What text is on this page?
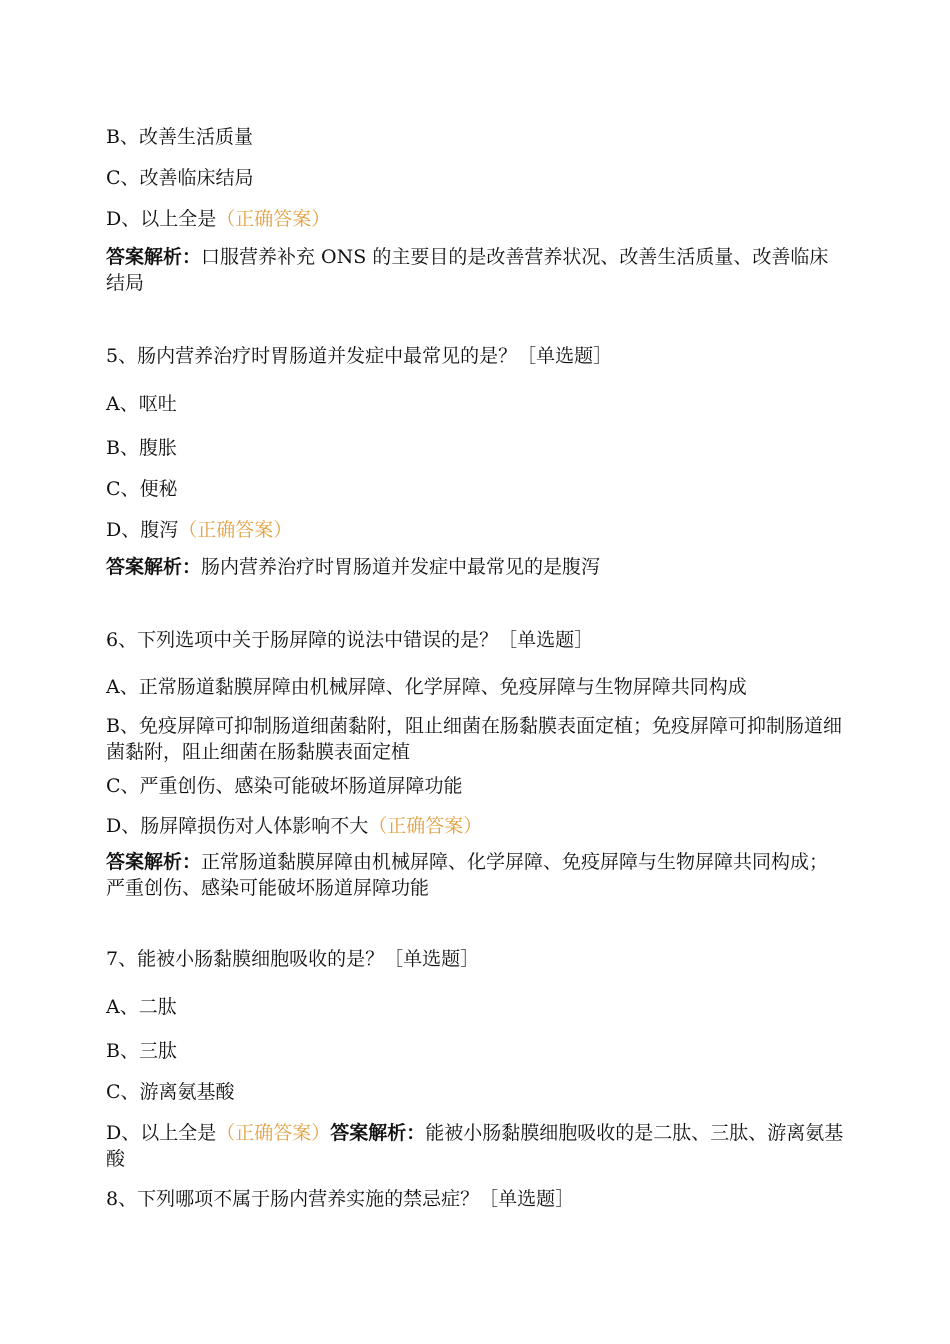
B、改善生活质量
C、改善临床结局
D、以上全是（正确答案）
答案解析：口服营养补充 ONS 的主要目的是改善营养状况、改善生活质量、改善临床结局
5、肠内营养治疗时胃肠道并发症中最常见的是？［单选题］
A、呕吐
B、腹胀
C、便秘
D、腹泻（正确答案）
答案解析：肠内营养治疗时胃肠道并发症中最常见的是腹泻
6、下列选项中关于肠屏障的说法中错误的是？［单选题］
A、正常肠道黏膜屏障由机械屏障、化学屏障、免疫屏障与生物屏障共同构成
B、免疫屏障可抑制肠道细菌黏附，阻止细菌在肠黏膜表面定植；免疫屏障可抑制肠道细菌黏附，阻止细菌在肠黏膜表面定植
C、严重创伤、感染可能破坏肠道屏障功能
D、肠屏障损伤对人体影响不大（正确答案）
答案解析：正常肠道黏膜屏障由机械屏障、化学屏障、免疫屏障与生物屏障共同构成；严重创伤、感染可能破坏肠道屏障功能
7、能被小肠黏膜细胞吸收的是？［单选题］
A、二肽
B、三肽
C、游离氨基酸
D、以上全是（正确答案）答案解析：能被小肠黏膜细胞吸收的是二肽、三肽、游离氨基酸
8、下列哪项不属于肠内营养实施的禁忌症？［单选题］
